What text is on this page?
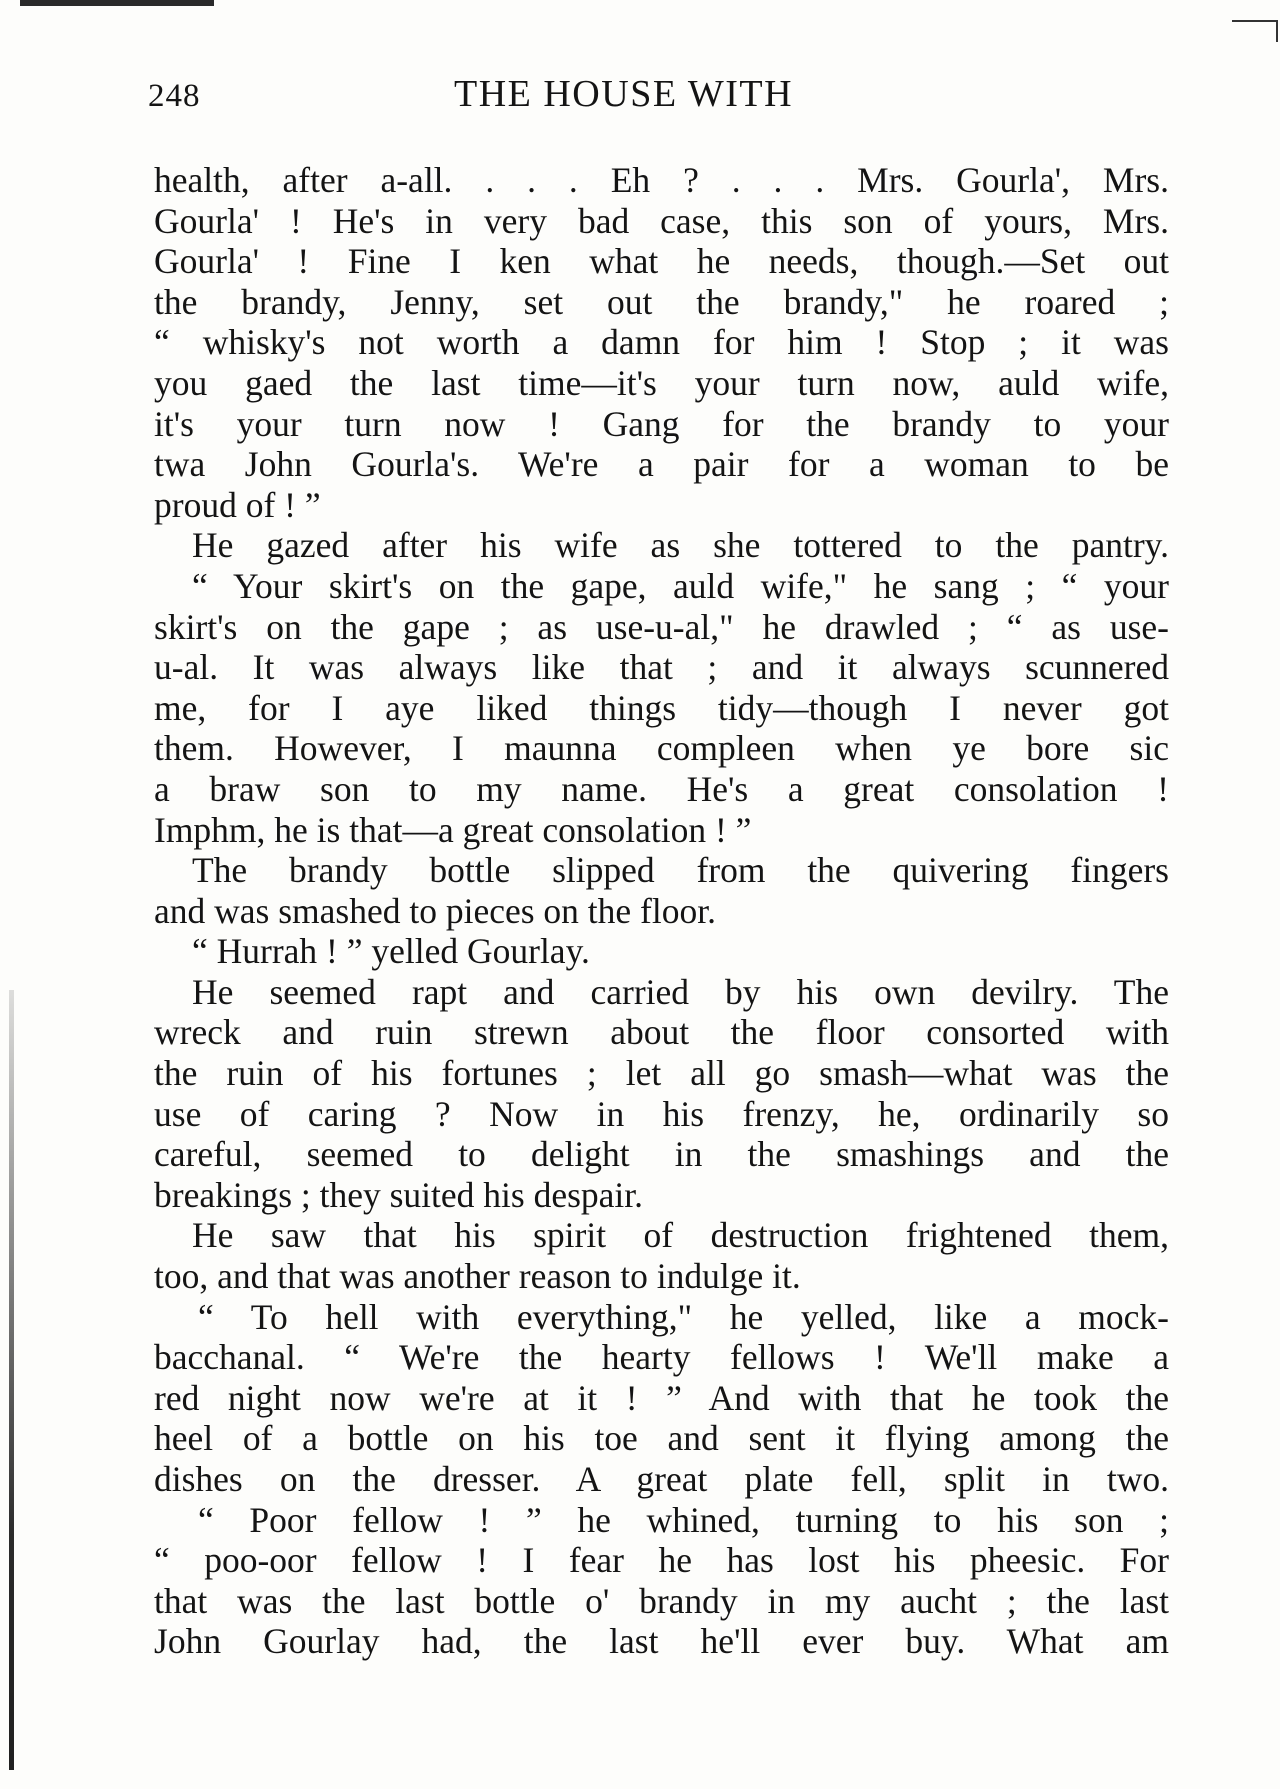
248	THE HOUSE WITH
health, after a-all. . . . Eh ? . . . Mrs. Gourla', Mrs.
Gourla' ! He's in very bad case, this son of yours, Mrs.
Gourla' ! Fine I ken what he needs, though.—Set out
the brandy, Jenny, set out the brandy," he roared ;
“ whisky's not worth a damn for him ! Stop ; it was
you gaed the last time—it's your turn now, auld wife,
it's your turn now ! Gang for the brandy to your
twa John Gourla's. We're a pair for a woman to be
proud of ! ”
He gazed after his wife as she tottered to the pantry.
“ Your skirt's on the gape, auld wife," he sang ; “ your
skirt's on the gape ; as use-u-al," he drawled ; “ as use-
u-al. It was always like that ; and it always scunnered
me, for I aye liked things tidy—though I never got
them. However, I maunna compleen when ye bore sic
a braw son to my name. He's a great consolation !
Imphm, he is that—a great consolation ! ”
The brandy bottle slipped from the quivering fingers
and was smashed to pieces on the floor.
“ Hurrah ! ” yelled Gourlay.
He seemed rapt and carried by his own devilry. The
wreck and ruin strewn about the floor consorted with
the ruin of his fortunes ; let all go smash—what was the
use of caring ? Now in his frenzy, he, ordinarily so
careful, seemed to delight in the smashings and the
breakings ; they suited his despair.
He saw that his spirit of destruction frightened them,
too, and that was another reason to indulge it.
“ To hell with everything," he yelled, like a mock-
bacchanal. “ We're the hearty fellows ! We'll make a
red night now we're at it ! ” And with that he took the
heel of a bottle on his toe and sent it flying among the
dishes on the dresser. A great plate fell, split in two.
“ Poor fellow ! ” he whined, turning to his son ;
“ poo-oor fellow ! I fear he has lost his pheesic. For
that was the last bottle o' brandy in my aucht ; the last
John Gourlay had, the last he'll ever buy. What am
